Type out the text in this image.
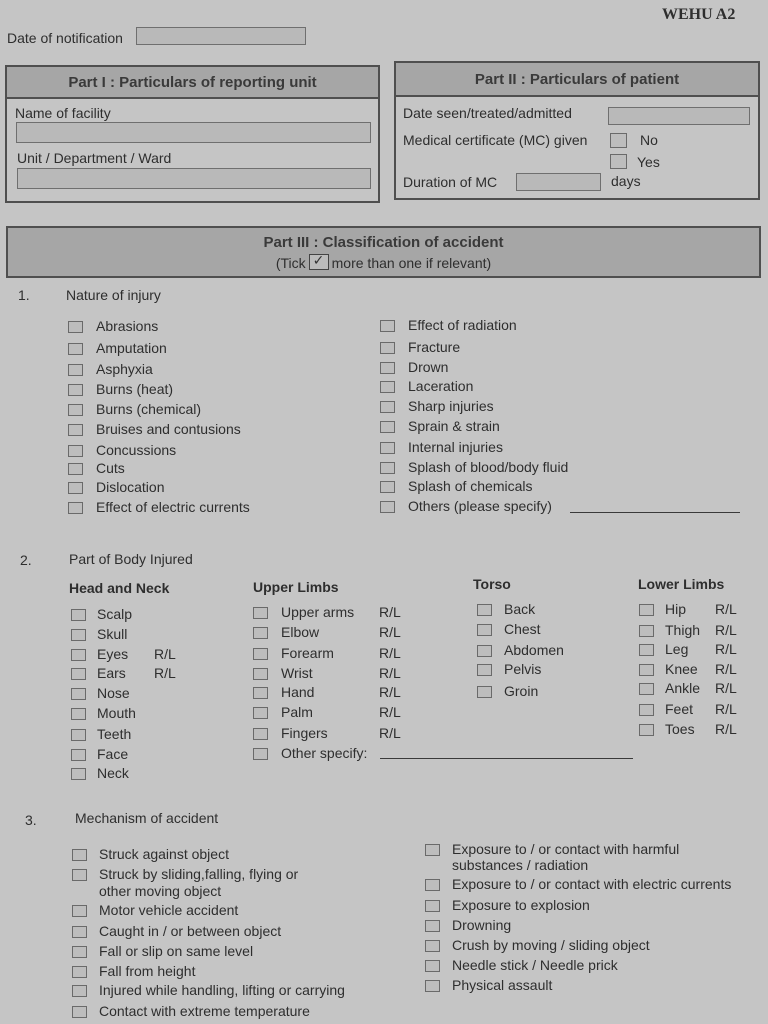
WEHU A2
Date of notification
Part I : Particulars of reporting unit
Name of facility
Unit / Department / Ward
Part II : Particulars of patient
Date seen/treated/admitted
Medical certificate (MC) given	No
Yes
Duration of MC	days
Part III : Classification of accident
(Tick✓ more than one if relevant)
1.	Nature of injury
Abrasions
Amputation
Asphyxia
Burns (heat)
Burns (chemical)
Bruises and contusions
Concussions
Cuts
Dislocation
Effect of electric currents
Effect of radiation
Fracture
Drown
Laceration
Sharp injuries
Sprain & strain
Internal injuries
Splash of blood/body fluid
Splash of chemicals
Others (please specify)
2.	Part of Body Injured
Head and Neck	Upper Limbs	Torso	Lower Limbs
Scalp
Skull
Eyes R/L
Ears R/L
Nose
Mouth
Teeth
Face
Neck
Upper arms R/L
Elbow	R/L
Forearm	R/L
Wrist	R/L
Hand	R/L
Palm	R/L
Fingers	R/L
Other specify:
Back
Chest
Abdomen
Pelvis
Groin
Hip R/L
Thigh R/L
Leg R/L
Knee R/L
Ankle R/L
Feet R/L
Toes R/L
3.	Mechanism of accident
Struck against object
Struck by sliding,falling, flying or
other moving object
Motor vehicle accident
Caught in / or between object
Fall or slip on same level
Fall from height
Injured while handling, lifting or carrying
Contact with extreme temperature
Exposure to / or contact with harmful
substances / radiation
Exposure to / or contact with electric currents
Exposure to explosion
Drowning
Crush by moving / sliding object
Needle stick / Needle prick
Physical assault
